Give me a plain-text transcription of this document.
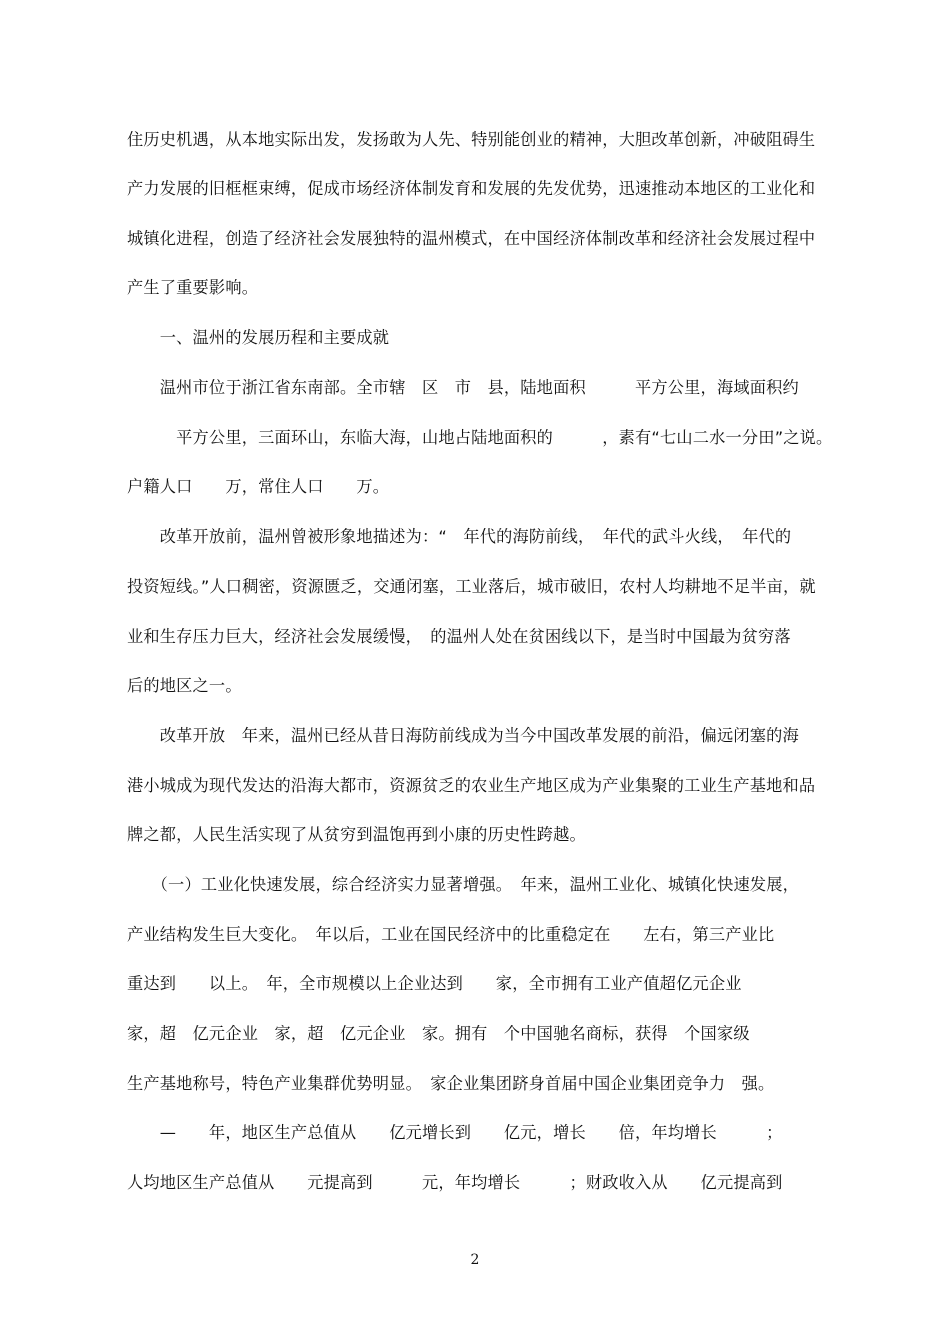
住历史机遇，从本地实际出发，发扬敢为人先、特别能创业的精神，大胆改革创新，冲破阻碍生
产力发展的旧框框束缚，促成市场经济体制发育和发展的先发优势，迅速推动本地区的工业化和
城镇化进程，创造了经济社会发展独特的温州模式，在中国经济体制改革和经济社会发展过程中
产生了重要影响。
　　一、温州的发展历程和主要成就
　　温州市位于浙江省东南部。全市辖　区　市　县，陆地面积　　　平方公里，海域面积约
　　　平方公里，三面环山，东临大海，山地占陆地面积的　　　，素有“七山二水一分田”之说。
户籍人口　　万，常住人口　　万。
　　改革开放前，温州曾被形象地描述为：“　年代的海防前线，　年代的武斗火线，　年代的
投资短线。”人口稠密，资源匮乏，交通闭塞，工业落后，城市破旧，农村人均耕地不足半亩，就
业和生存压力巨大，经济社会发展缓慢，　的温州人处在贫困线以下，是当时中国最为贫穷落
后的地区之一。
　　改革开放　年来，温州已经从昔日海防前线成为当今中国改革发展的前沿，偏远闭塞的海
港小城成为现代发达的沿海大都市，资源贫乏的农业生产地区成为产业集聚的工业生产基地和品
牌之都，人民生活实现了从贫穷到温饱再到小康的历史性跨越。
　　（一）工业化快速发展，综合经济实力显著增强。　年来，温州工业化、城镇化快速发展，
产业结构发生巨大变化。　年以后，工业在国民经济中的比重稳定在　　左右，第三产业比
重达到　　以上。　年，全市规模以上企业达到　　家，全市拥有工业产值超亿元企业
家，超　亿元企业　家，超　亿元企业　家。拥有　个中国驰名商标，获得　个国家级
生产基地称号，特色产业集群优势明显。　家企业集团跻身首届中国企业集团竞争力　强。
　　—　　年，地区生产总值从　　亿元增长到　　亿元，增长　　倍，年均增长　　　；
人均地区生产总值从　　元提高到　　　元，年均增长　　　；财政收入从　　亿元提高到
2
